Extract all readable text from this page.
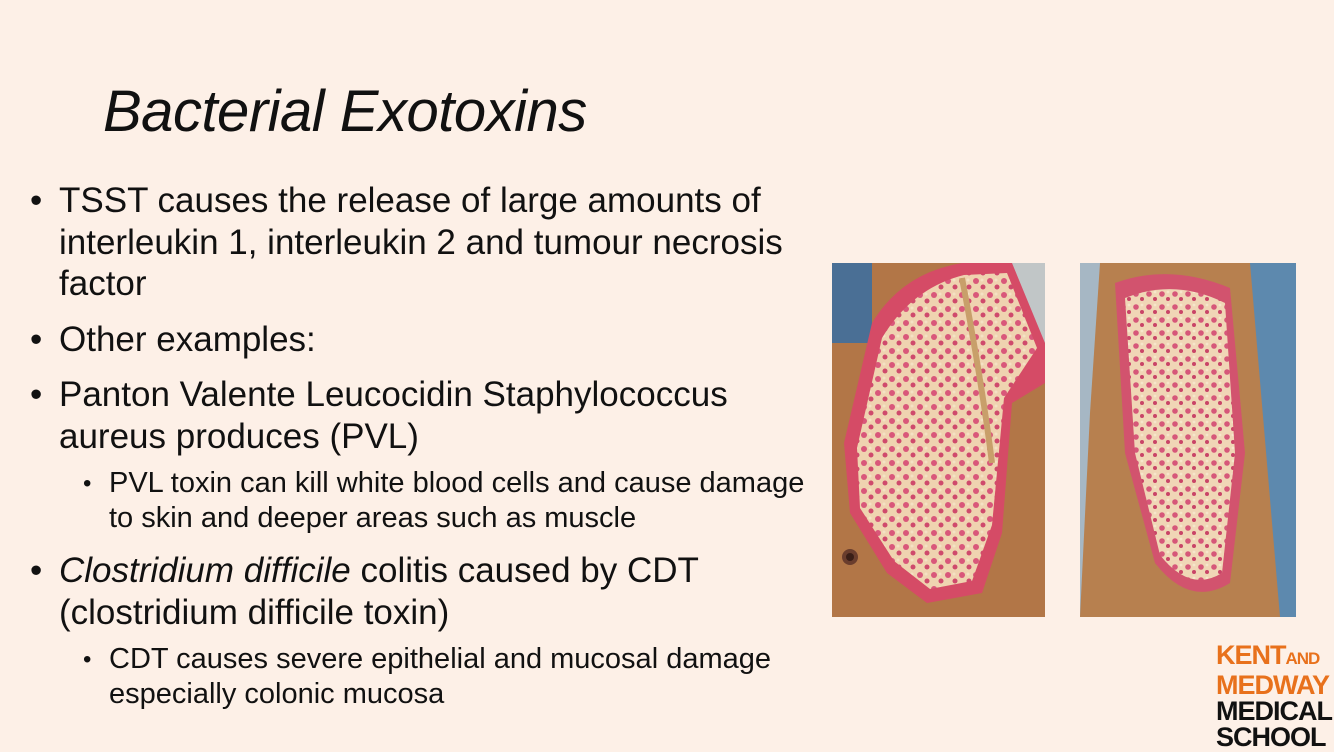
Bacterial Exotoxins
• TSST causes the release of large amounts of interleukin 1, interleukin 2 and tumour necrosis factor
• Other examples:
• Panton Valente Leucocidin Staphylococcus aureus produces (PVL)
• PVL toxin can kill white blood cells and cause damage to skin and deeper areas such as muscle
• Clostridium difficile colitis caused by CDT (clostridium difficile toxin)
• CDT causes severe epithelial and mucosal damage especially colonic mucosa
KENTAND
MEDWAY
MEDICAL
SCHOOL
